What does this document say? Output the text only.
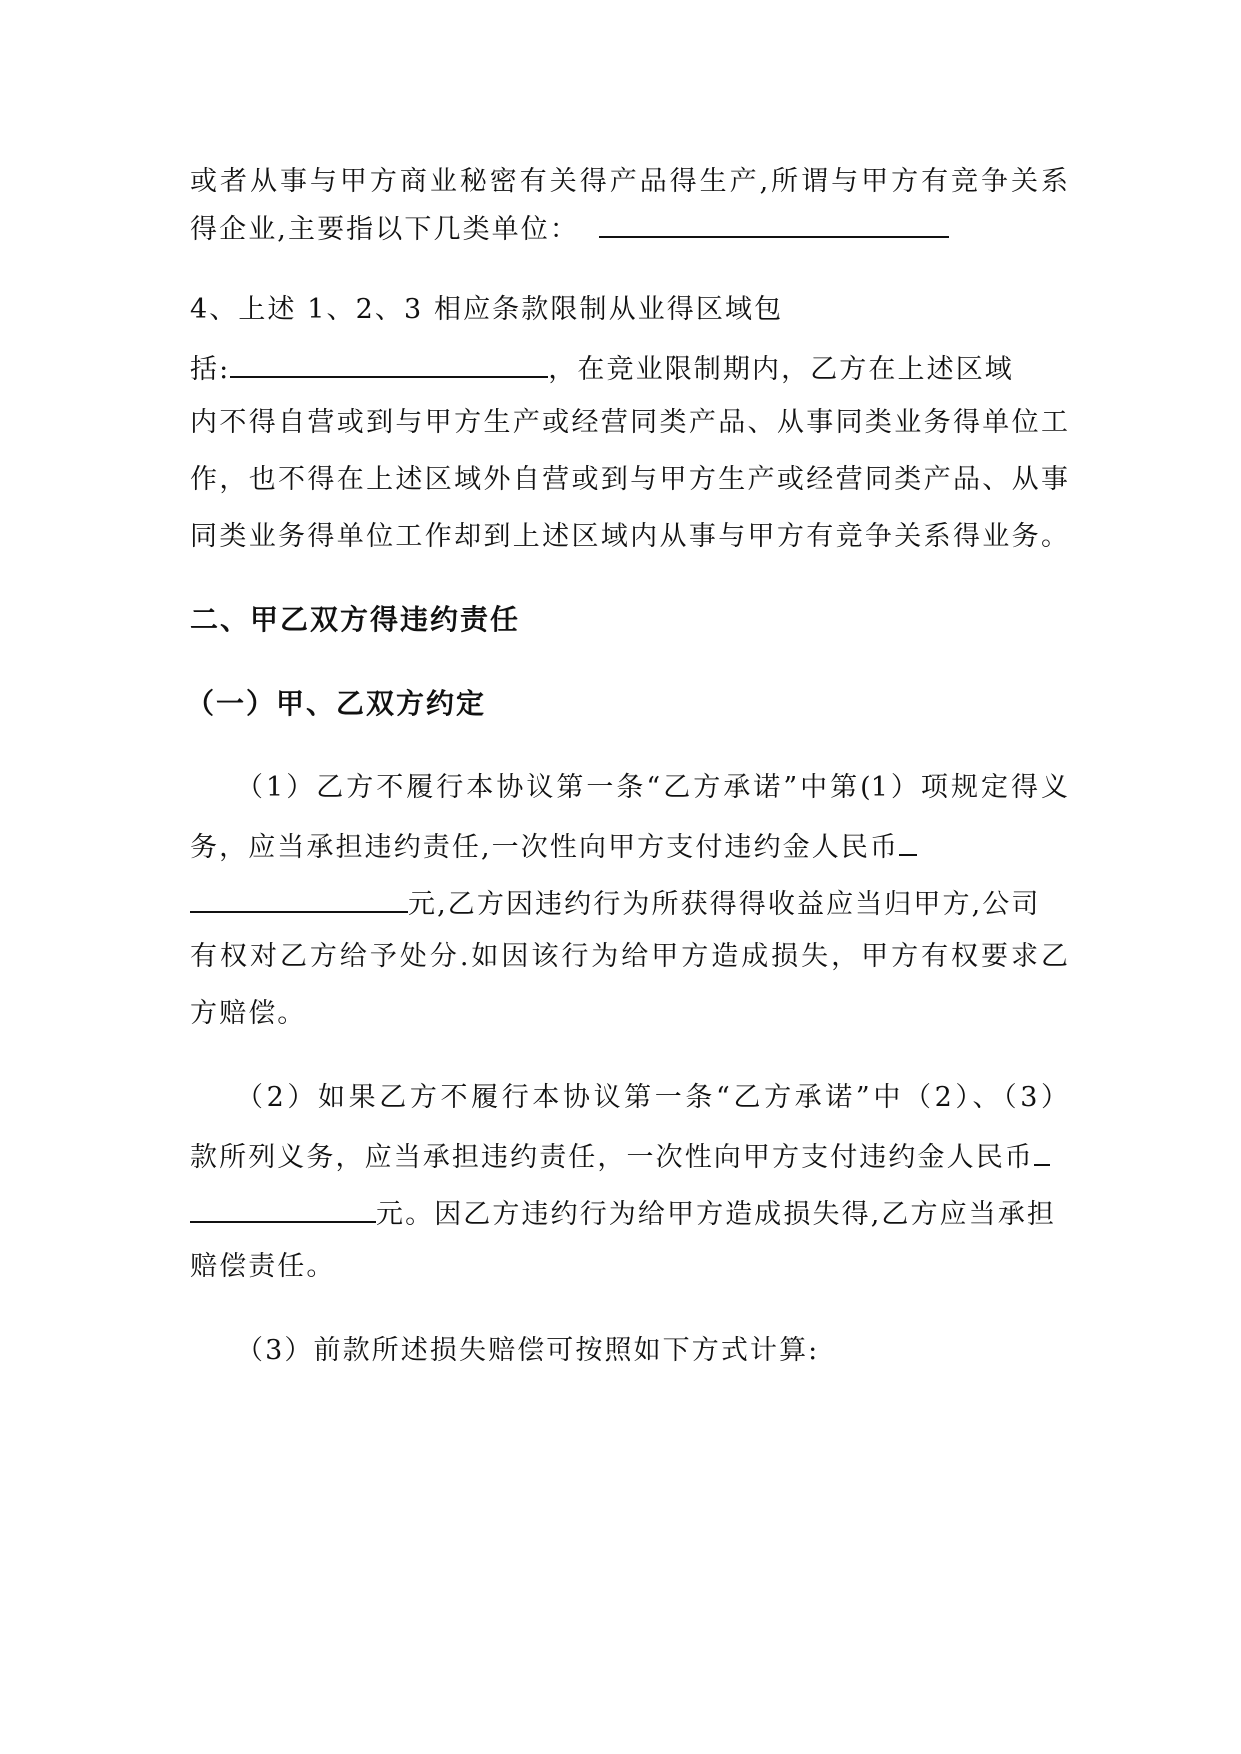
或者从事与甲方商业秘密有关得产品得生产,所谓与甲方有竞争关系
得企业,主要指以下几类单位：
4、上述 1、2、3 相应条款限制从业得区域包
括:	，在竞业限制期内，乙方在上述区域
内不得自营或到与甲方生产或经营同类产品、从事同类业务得单位工
作，也不得在上述区域外自营或到与甲方生产或经营同类产品、从事
同类业务得单位工作却到上述区域内从事与甲方有竞争关系得业务。
二、甲乙双方得违约责任
（一）甲、乙双方约定
（1）乙方不履行本协议第一条“乙方承诺”中第(1）项规定得义
务，应当承担违约责任,一次性向甲方支付违约金人民币
元,乙方因违约行为所获得得收益应当归甲方,公司
有权对乙方给予处分.如因该行为给甲方造成损失，甲方有权要求乙
方赔偿。
（2）如果乙方不履行本协议第一条“乙方承诺”中（2）、（3）
款所列义务，应当承担违约责任，一次性向甲方支付违约金人民币
元。因乙方违约行为给甲方造成损失得,乙方应当承担
赔偿责任。
（3）前款所述损失赔偿可按照如下方式计算:
